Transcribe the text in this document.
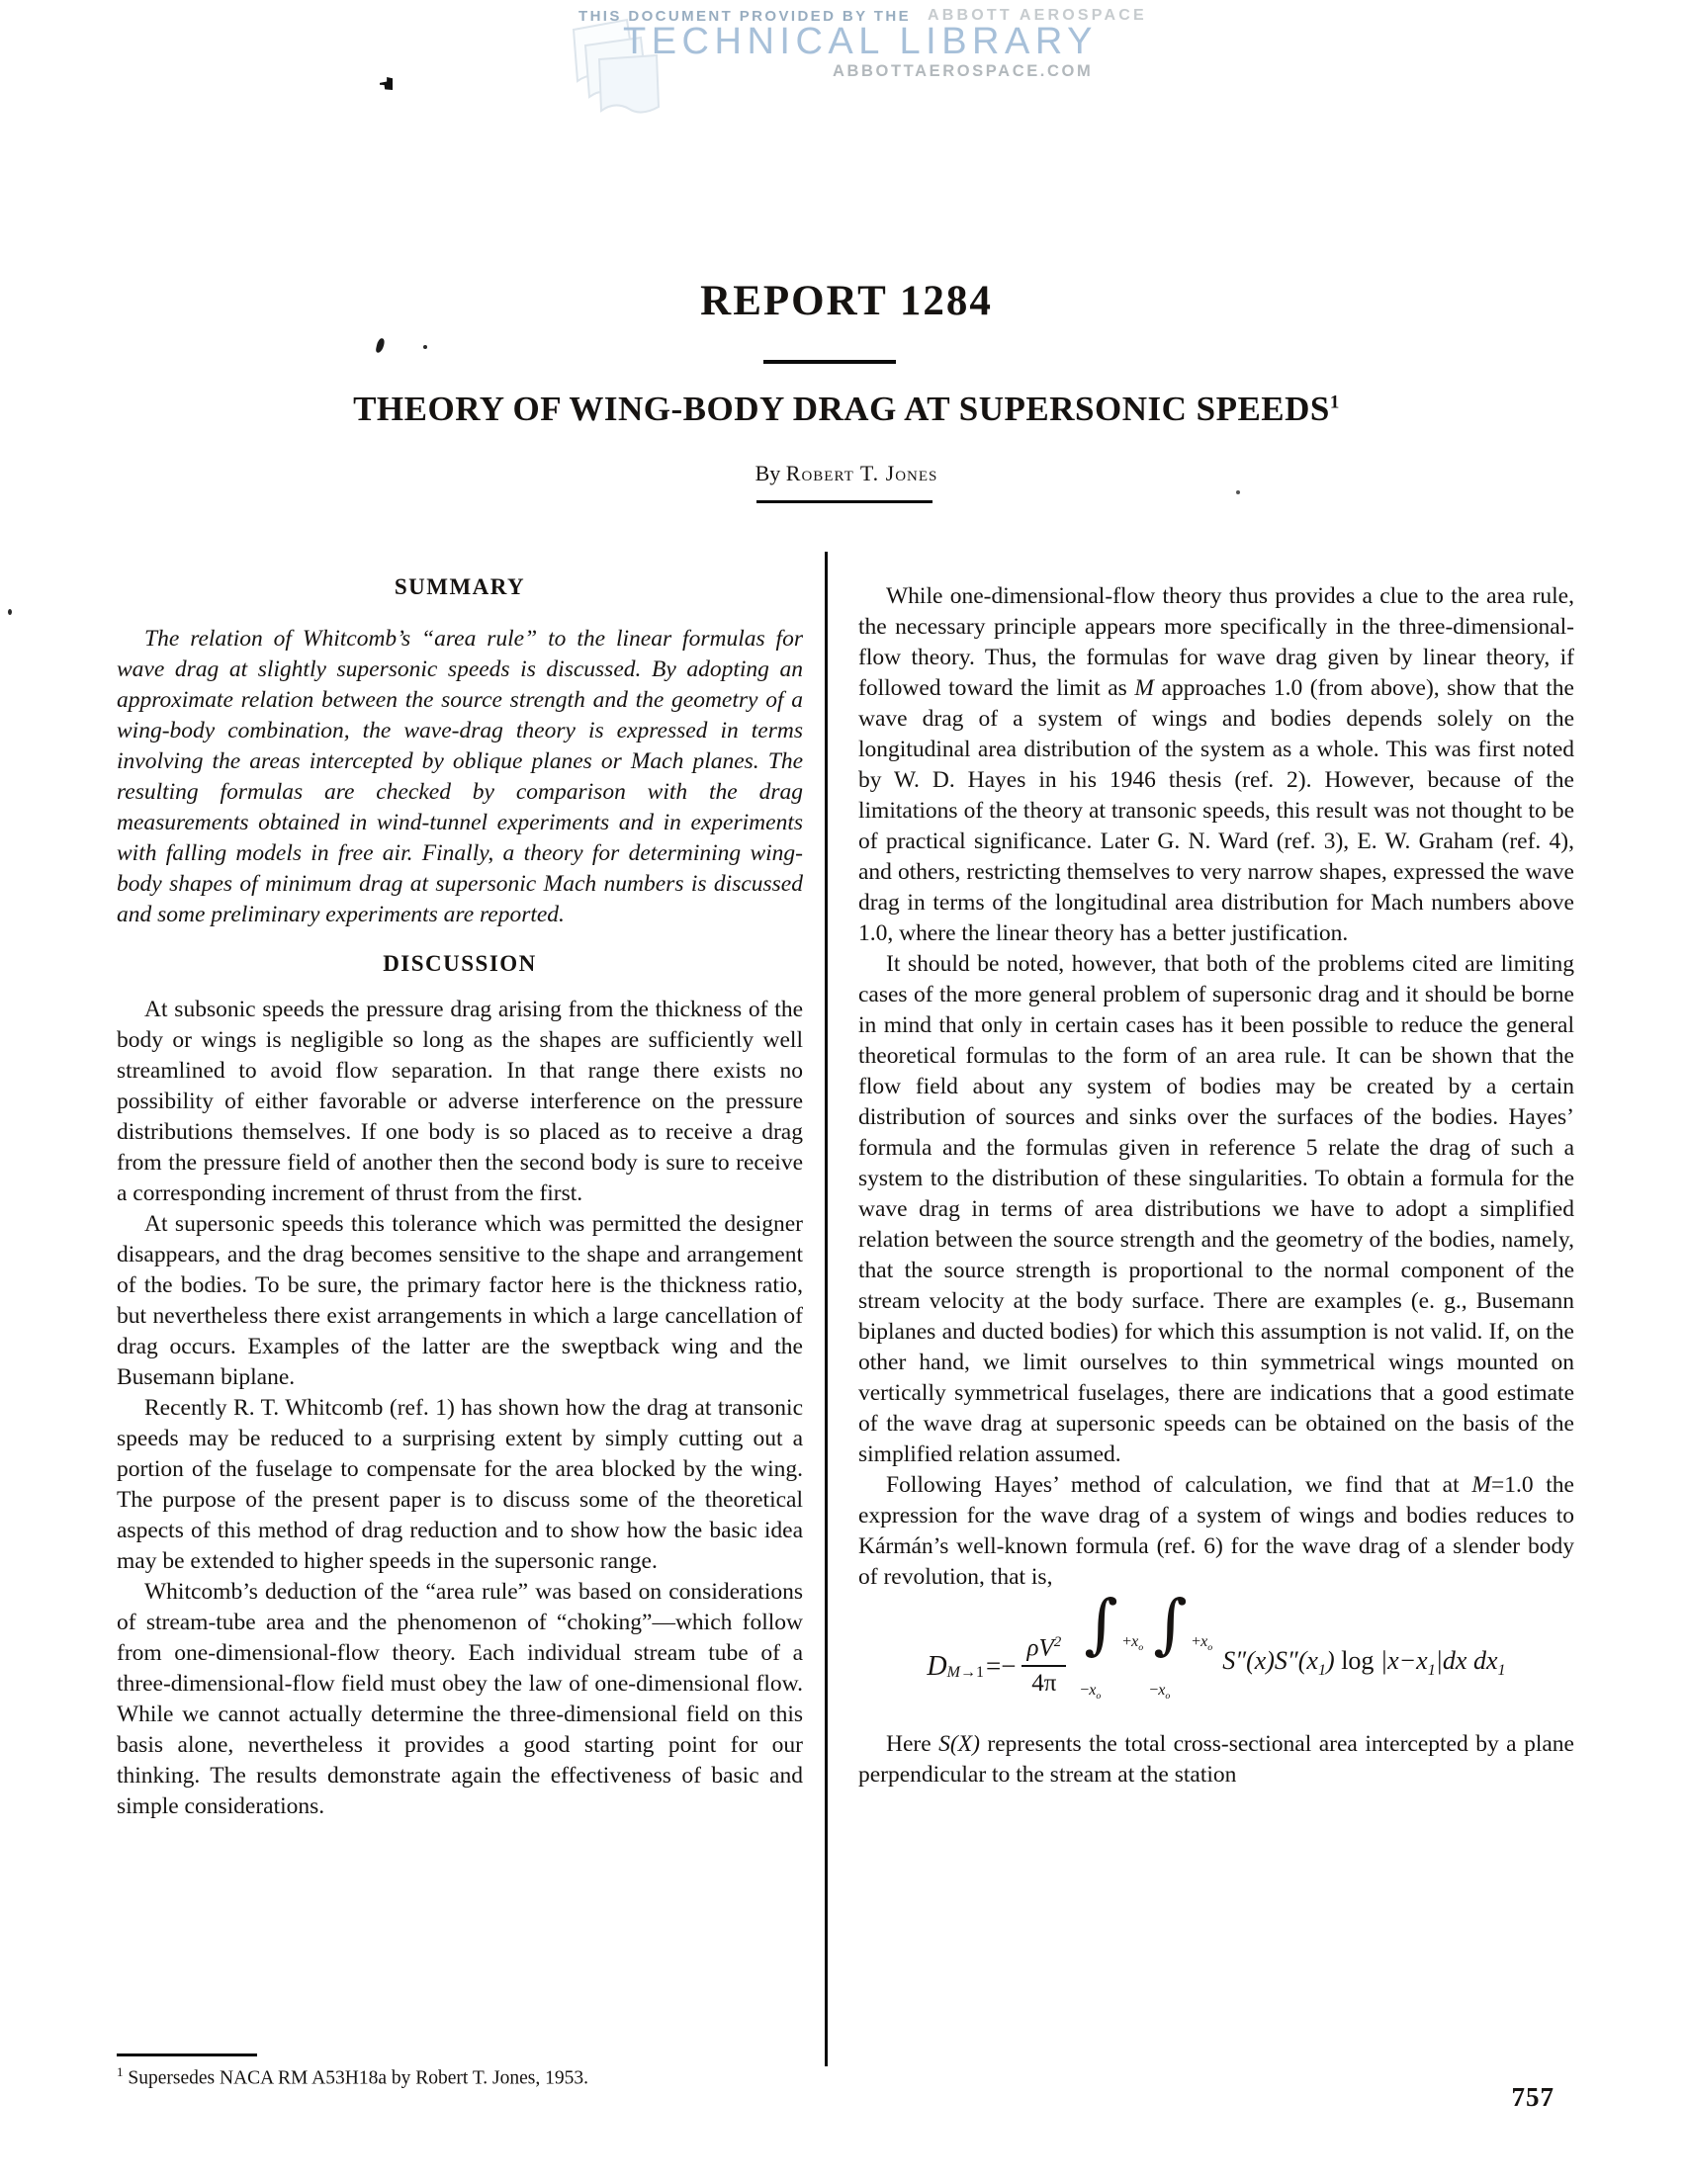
THIS DOCUMENT PROVIDED BY THE ABBOTT AEROSPACE
TECHNICAL LIBRARY
ABBOTTAEROSPACE.COM
REPORT 1284
THEORY OF WING-BODY DRAG AT SUPERSONIC SPEEDS$^1$
By Robert T. Jones
SUMMARY

The relation of Whitcomb’s “area rule” to the linear formulas for wave drag at slightly supersonic speeds is discussed. By adopting an approximate relation between the source strength and the geometry of a wing-body combination, the wave-drag theory is expressed in terms involving the areas intercepted by oblique planes or Mach planes. The resulting formulas are checked by comparison with the drag measurements obtained in wind-tunnel experiments and in experiments with falling models in free air. Finally, a theory for determining wing-body shapes of minimum drag at supersonic Mach numbers is discussed and some preliminary experiments are reported.

DISCUSSION

At subsonic speeds the pressure drag arising from the thickness of the body or wings is negligible so long as the shapes are sufficiently well streamlined to avoid flow separation. In that range there exists no possibility of either favorable or adverse interference on the pressure distributions themselves. If one body is so placed as to receive a drag from the pressure field of another then the second body is sure to receive a corresponding increment of thrust from the first.

At supersonic speeds this tolerance which was permitted the designer disappears, and the drag becomes sensitive to the shape and arrangement of the bodies. To be sure, the primary factor here is the thickness ratio, but nevertheless there exist arrangements in which a large cancellation of drag occurs. Examples of the latter are the sweptback wing and the Busemann biplane.

Recently R. T. Whitcomb (ref. 1) has shown how the drag at transonic speeds may be reduced to a surprising extent by simply cutting out a portion of the fuselage to compensate for the area blocked by the wing. The purpose of the present paper is to discuss some of the theoretical aspects of this method of drag reduction and to show how the basic idea may be extended to higher speeds in the supersonic range.

Whitcomb’s deduction of the “area rule” was based on considerations of stream-tube area and the phenomenon of “choking”—which follow from one-dimensional-flow theory. Each individual stream tube of a three-dimensional-flow field must obey the law of one-dimensional flow. While we cannot actually determine the three-dimensional field on this basis alone, nevertheless it provides a good starting point for our thinking. The results demonstrate again the effectiveness of basic and simple considerations.

While one-dimensional-flow theory thus provides a clue to the area rule, the necessary principle appears more specifically in the three-dimensional-flow theory. Thus, the formulas for wave drag given by linear theory, if followed toward the limit as M approaches 1.0 (from above), show that the wave drag of a system of wings and bodies depends solely on the longitudinal area distribution of the system as a whole. This was first noted by W. D. Hayes in his 1946 thesis (ref. 2). However, because of the limitations of the theory at transonic speeds, this result was not thought to be of practical significance. Later G. N. Ward (ref. 3), E. W. Graham (ref. 4), and others, restricting themselves to very narrow shapes, expressed the wave drag in terms of the longitudinal area distribution for Mach numbers above 1.0, where the linear theory has a better justification.

It should be noted, however, that both of the problems cited are limiting cases of the more general problem of supersonic drag and it should be borne in mind that only in certain cases has it been possible to reduce the general theoretical formulas to the form of an area rule. It can be shown that the flow field about any system of bodies may be created by a certain distribution of sources and sinks over the surfaces of the bodies. Hayes’ formula and the formulas given in reference 5 relate the drag of such a system to the distribution of these singularities. To obtain a formula for the wave drag in terms of area distributions we have to adopt a simplified relation between the source strength and the geometry of the bodies, namely, that the source strength is proportional to the normal component of the stream velocity at the body surface. There are examples (e. g., Busemann biplanes and ducted bodies) for which this assumption is not valid. If, on the other hand, we limit ourselves to thin symmetrical wings mounted on vertically symmetrical fuselages, there are indications that a good estimate of the wave drag at supersonic speeds can be obtained on the basis of the simplified relation assumed.

Following Hayes’ method of calculation, we find that at M=1.0 the expression for the wave drag of a system of wings and bodies reduces to Kármán’s well-known formula (ref. 6) for the wave drag of a slender body of revolution, that is,

D $M\to 1 =- \frac{\rho V^2}{4\pi}$
∫ $+x_o$
$-x_o$
∫ $+x_o$
$-x_o$
$S''(x)S''(x_1)$ $\log |x-x_1|dx$ $dx_1$

Here S(X) represents the total cross-sectional area intercepted by a plane perpendicular to the stream at the station

$^1$ Supersedes NACA RM A53H18a by Robert T. Jones, 1953.
757
